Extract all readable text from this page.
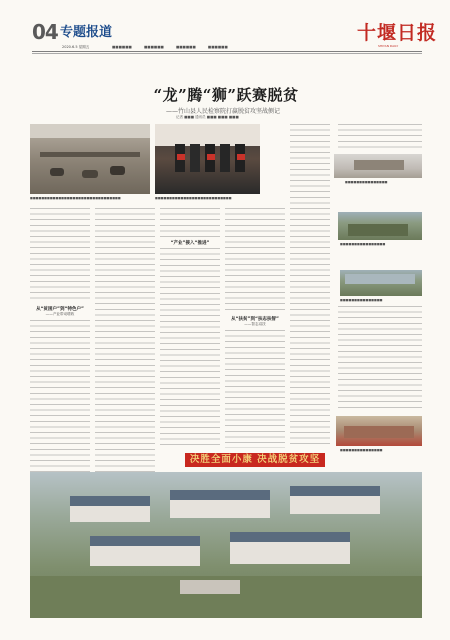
04 专题报道
2020.6.5 星期五	■■■■■■	■■■■■■	■■■■■■	■■■■■■
十堰日报
SHIYAN DAILY
“龙”腾“狮”跃赛脱贫
——竹山县人民检察院打赢脱贫攻坚战侧记
记者 ■■■ 通讯员 ■■■ ■■■ ■■■
■■■■■■■■■■■■■■■■■■■■■■■■■■■■■■■■	■■■■■■■■■■■■■■■■■■■■■■■■■■■
■■■■■■■■■■■■■■■
■■■■■■■■■■■■■■■■
■■■■■■■■■■■■■■■
■■■■■■■■■■■■■■■
从“贫困户”到“特色户”
——产业带动增收
“产业”接入“推进”
从“扶贫”到“扶志扶智”
——智志双扶
决胜全面小康 决战脱贫攻坚
